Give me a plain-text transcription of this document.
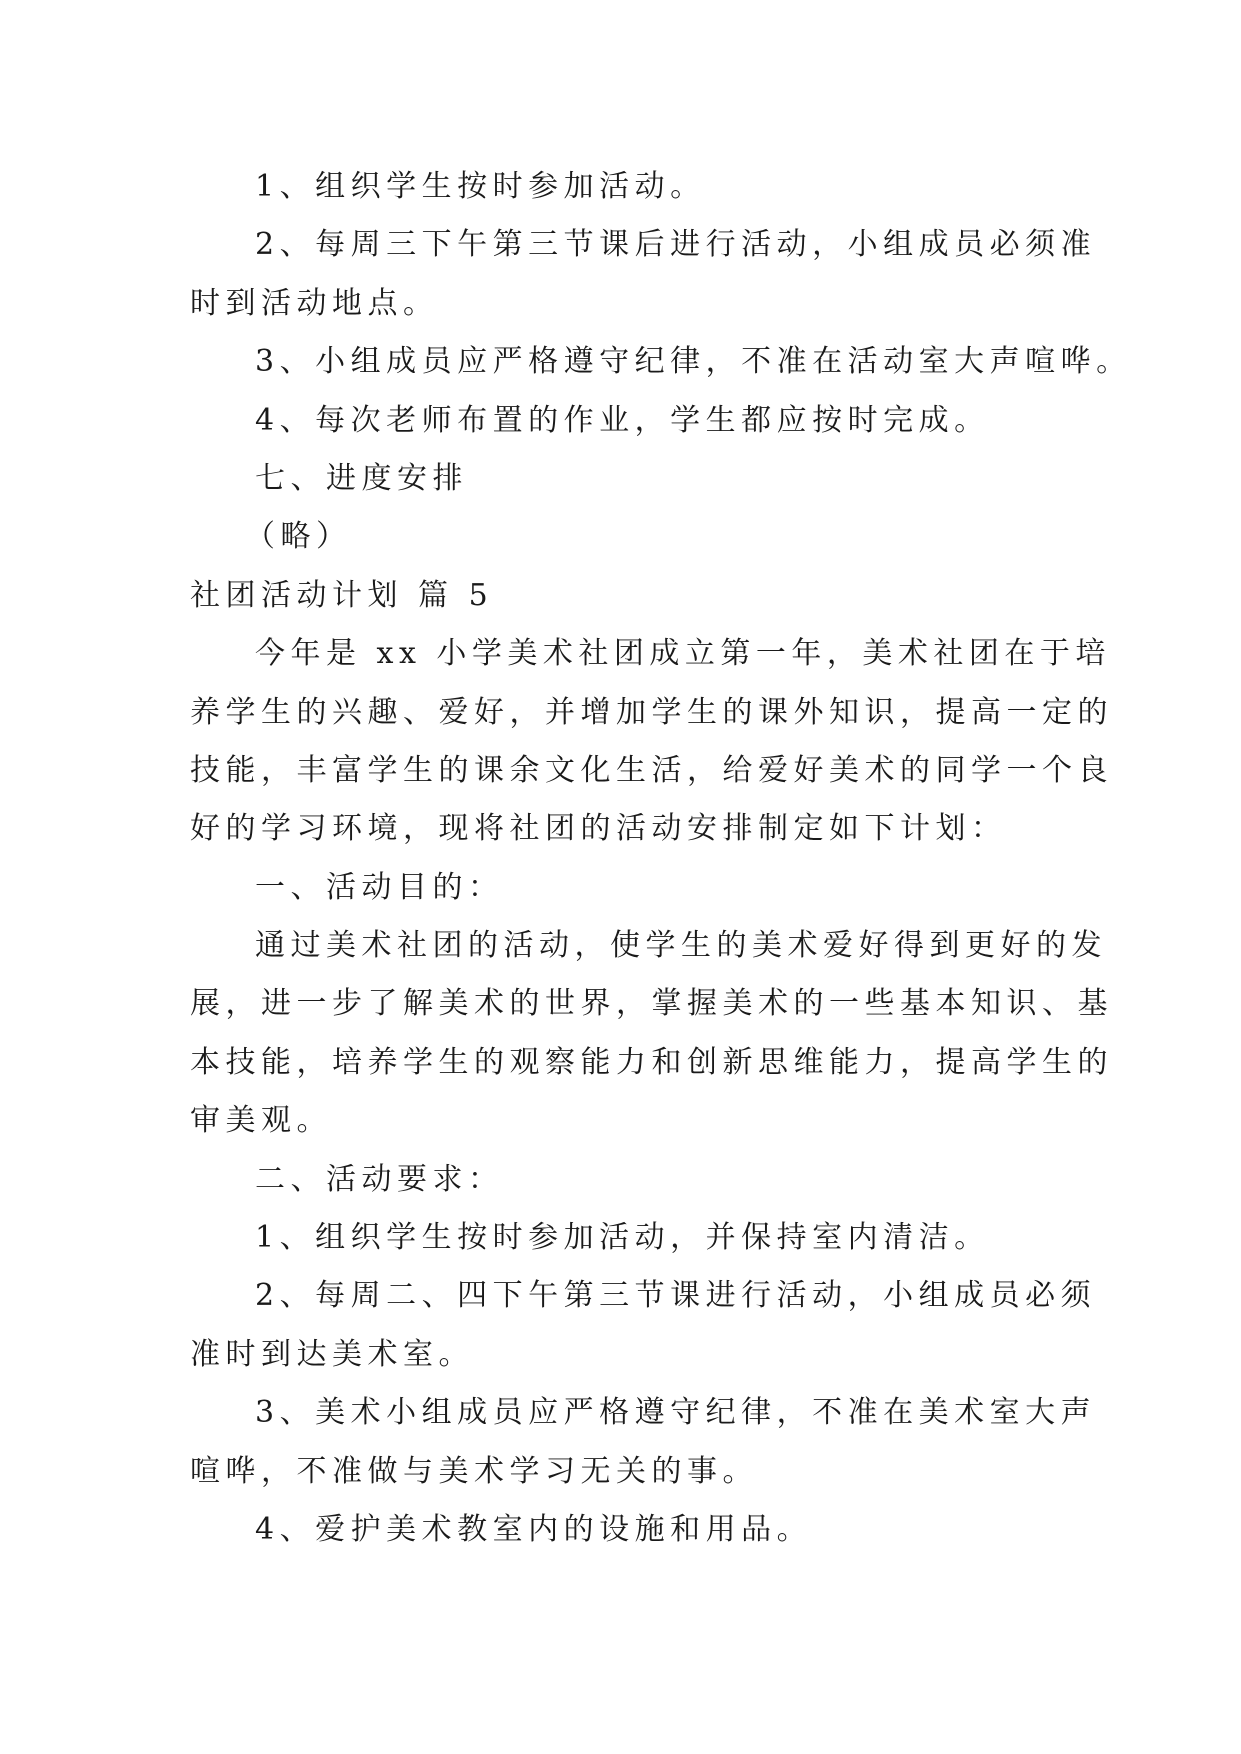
1、组织学生按时参加活动。

2、每周三下午第三节课后进行活动，小组成员必须准

时到活动地点。

3、小组成员应严格遵守纪律，不准在活动室大声喧哗。

4、每次老师布置的作业，学生都应按时完成。

七、进度安排

（略）

社团活动计划 篇 5

今年是 xx 小学美术社团成立第一年，美术社团在于培

养学生的兴趣、爱好，并增加学生的课外知识，提高一定的

技能，丰富学生的课余文化生活，给爱好美术的同学一个良

好的学习环境，现将社团的活动安排制定如下计划：

一、活动目的：

通过美术社团的活动，使学生的美术爱好得到更好的发

展，进一步了解美术的世界，掌握美术的一些基本知识、基

本技能，培养学生的观察能力和创新思维能力，提高学生的

审美观。

二、活动要求：

1、组织学生按时参加活动，并保持室内清洁。

2、每周二、四下午第三节课进行活动，小组成员必须

准时到达美术室。

3、美术小组成员应严格遵守纪律，不准在美术室大声

喧哗，不准做与美术学习无关的事。

4、爱护美术教室内的设施和用品。
